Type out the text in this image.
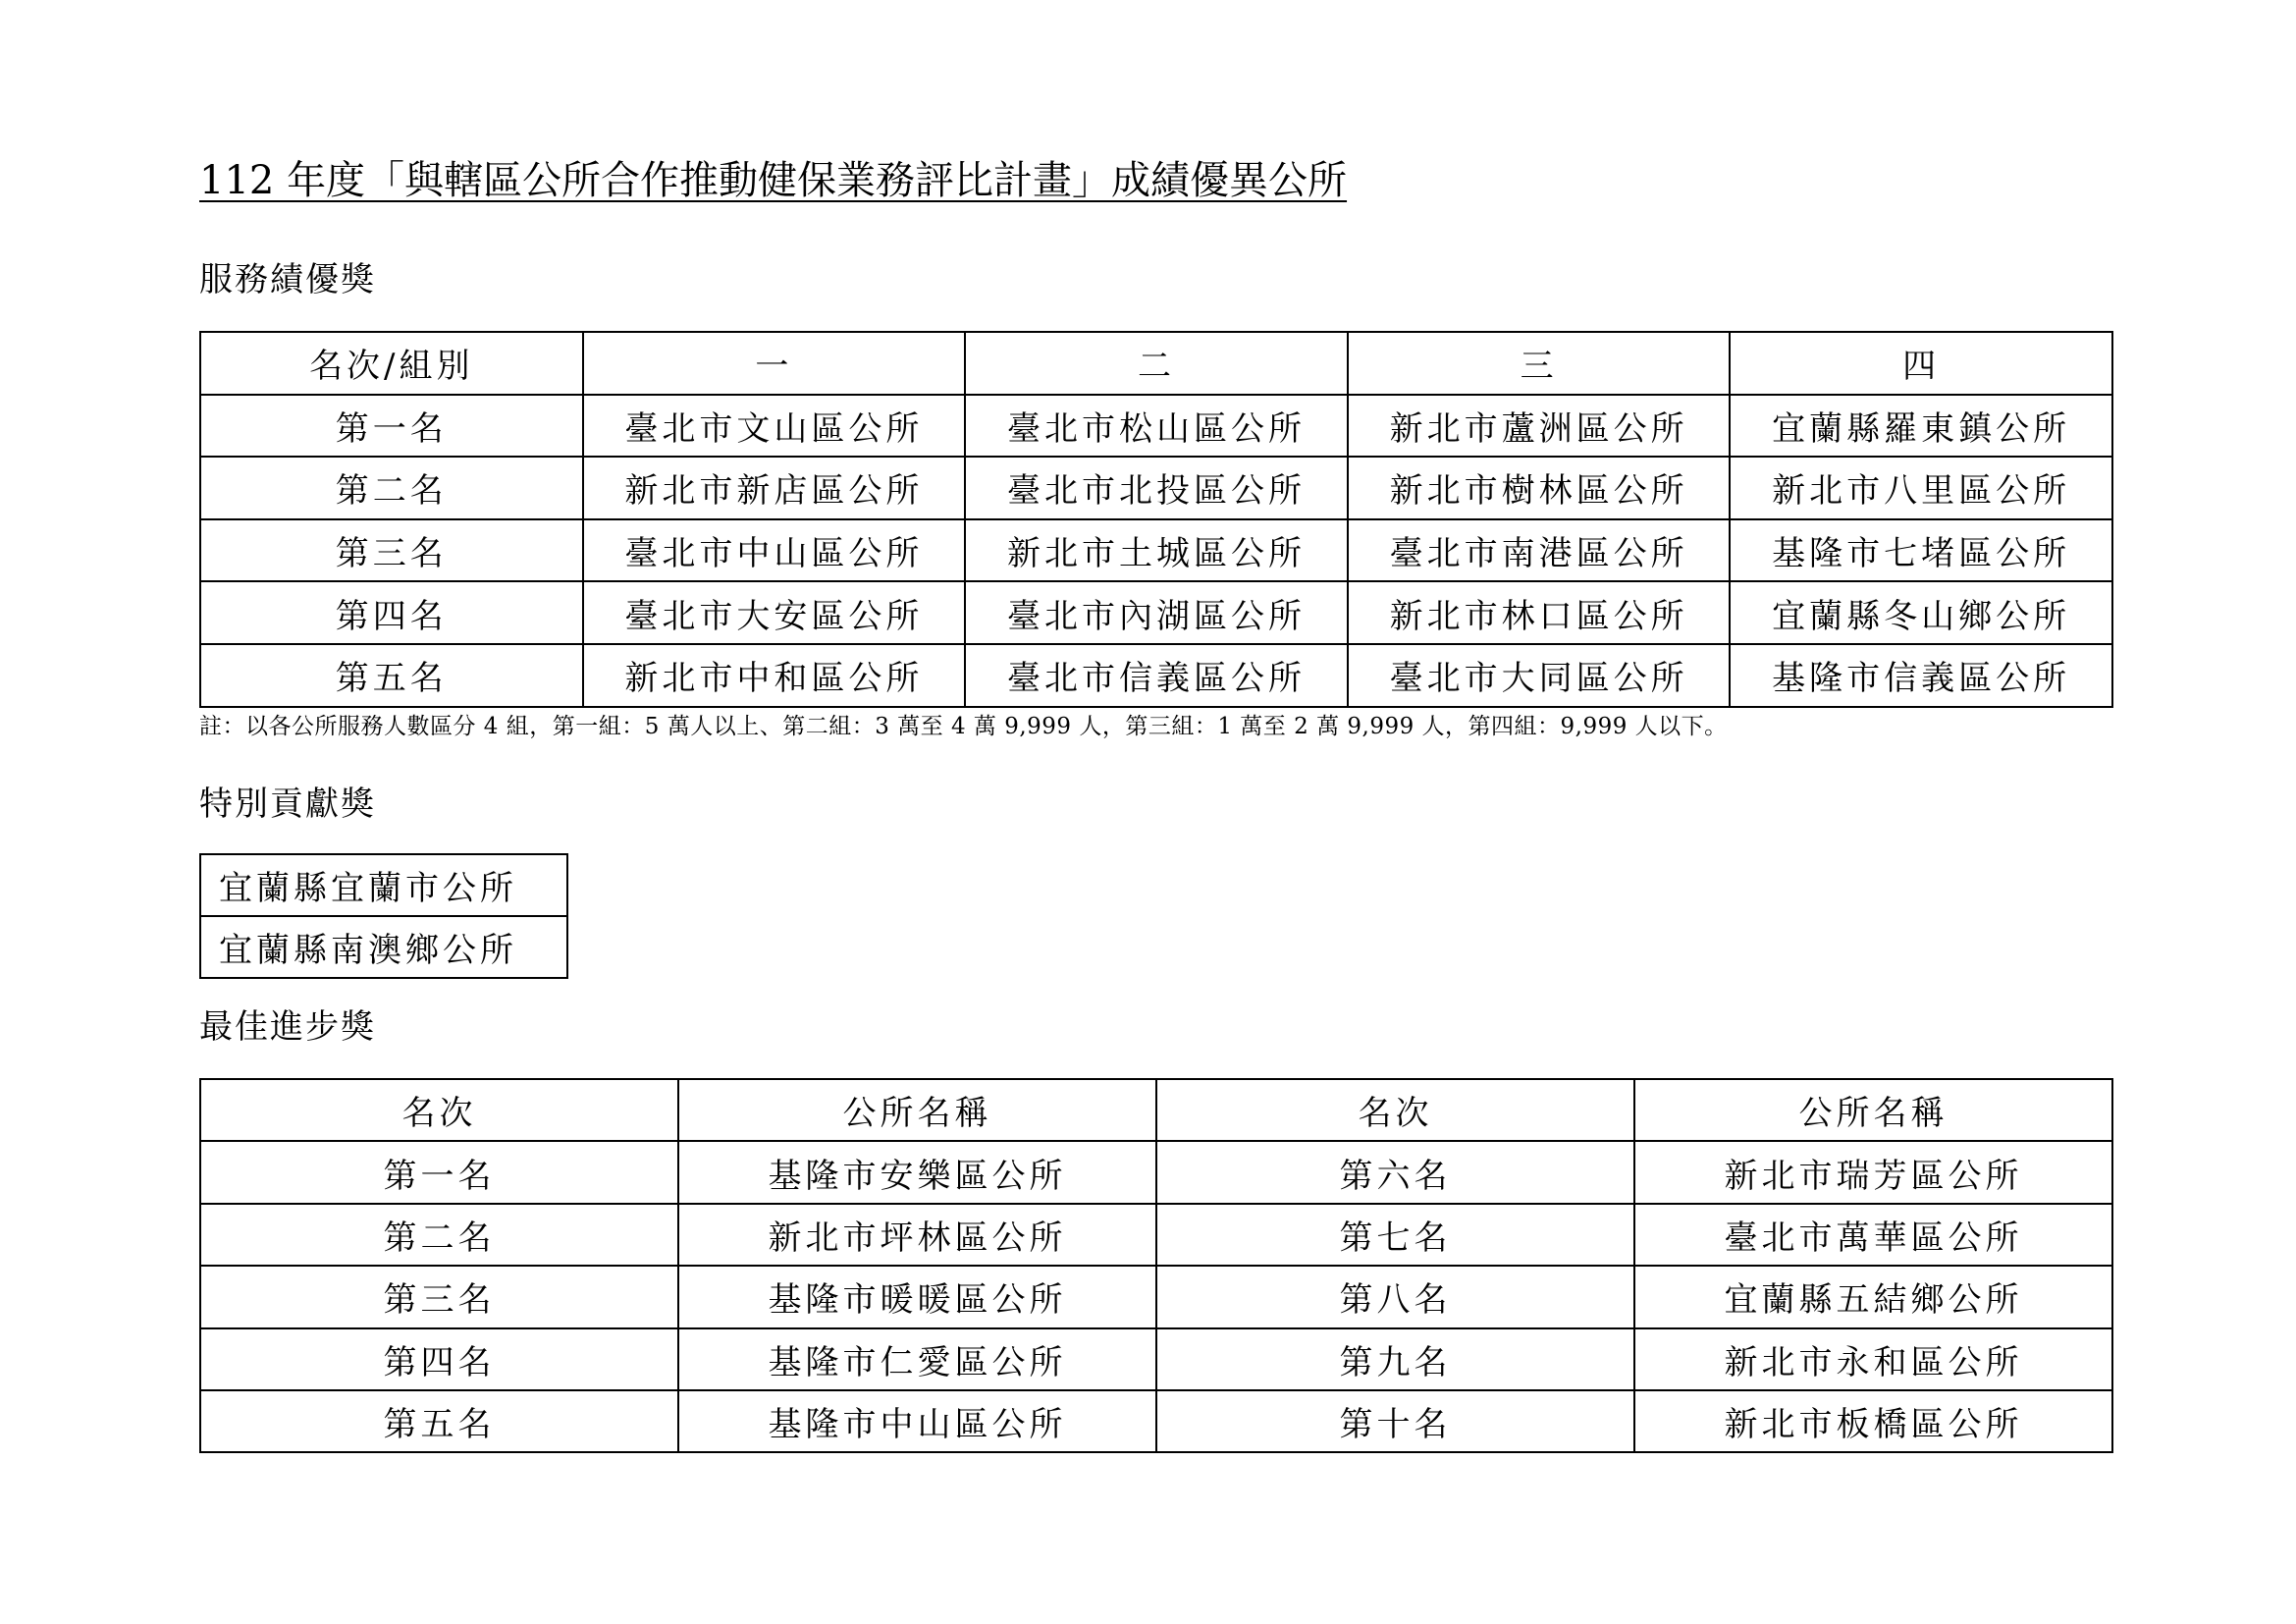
112 年度「與轄區公所合作推動健保業務評比計畫」成績優異公所
服務績優獎
名次/組別	一	二	三	四
第一名	臺北市文山區公所	臺北市松山區公所	新北市蘆洲區公所	宜蘭縣羅東鎮公所
第二名	新北市新店區公所	臺北市北投區公所	新北市樹林區公所	新北市八里區公所
第三名	臺北市中山區公所	新北市土城區公所	臺北市南港區公所	基隆市七堵區公所
第四名	臺北市大安區公所	臺北市內湖區公所	新北市林口區公所	宜蘭縣冬山鄉公所
第五名	新北市中和區公所	臺北市信義區公所	臺北市大同區公所	基隆市信義區公所

註：以各公所服務人數區分 4 組，第一組：5 萬人以上、第二組：3 萬至 4 萬 9,999 人，第三組：1 萬至 2 萬 9,999 人，第四組：9,999 人以下。

特別貢獻獎
宜蘭縣宜蘭市公所
宜蘭縣南澳鄉公所
最佳進步獎
名次	公所名稱	名次	公所名稱
第一名	基隆市安樂區公所	第六名	新北市瑞芳區公所
第二名	新北市坪林區公所	第七名	臺北市萬華區公所
第三名	基隆市暖暖區公所	第八名	宜蘭縣五結鄉公所
第四名	基隆市仁愛區公所	第九名	新北市永和區公所
第五名	基隆市中山區公所	第十名	新北市板橋區公所
